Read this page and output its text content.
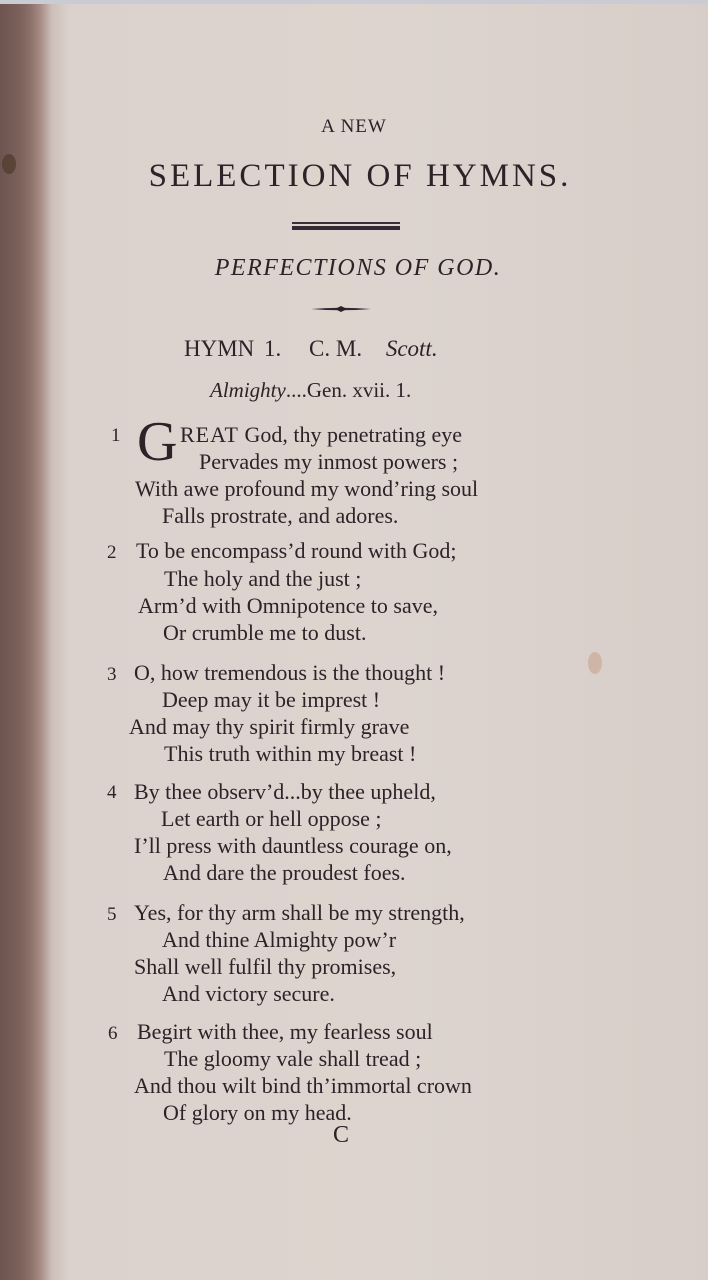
A NEW
SELECTION OF HYMNS.
PERFECTIONS OF GOD.
HYMN 1. C. M. Scott.
Almighty....Gen. xvii. 1.
1 G REAT God, thy penetrating eye
Pervades my inmost powers ;
With awe profound my wond’ring soul
Falls prostrate, and adores.
2 To be encompass’d round with God;
The holy and the just ;
Arm’d with Omnipotence to save,
Or crumble me to dust.
3 O, how tremendous is the thought !
Deep may it be imprest !
And may thy spirit firmly grave
This truth within my breast !
4 By thee observ’d...by thee upheld,
Let earth or hell oppose ;
I’ll press with dauntless courage on,
And dare the proudest foes.
5 Yes, for thy arm shall be my strength,
And thine Almighty pow’r
Shall well fulfil thy promises,
And victory secure.
6 Begirt with thee, my fearless soul
The gloomy vale shall tread ;
And thou wilt bind th’immortal crown
Of glory on my head.
C
